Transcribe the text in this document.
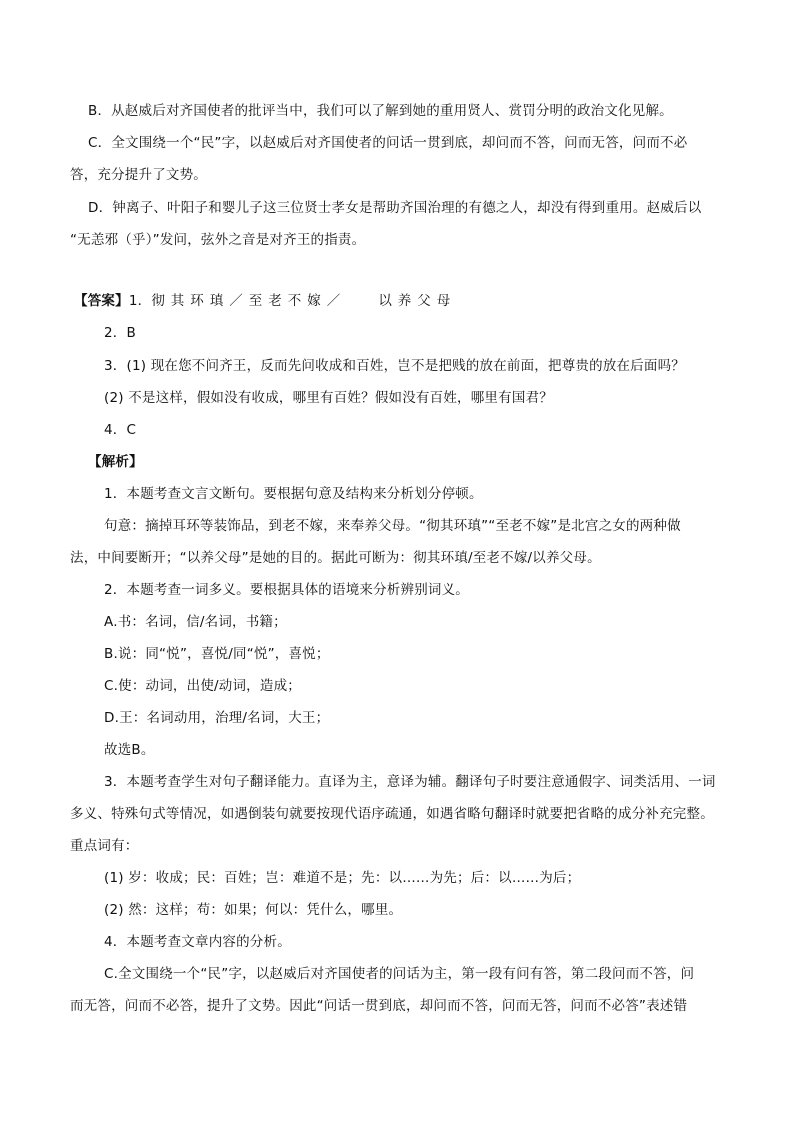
B．从赵威后对齐国使者的批评当中，我们可以了解到她的重用贤人、赏罚分明的政治文化见解。
C．全文围绕一个“民”字，以赵威后对齐国使者的问话一贯到底，却问而不答，问而无答，问而不必
答，充分提升了文势。
D．钟离子、叶阳子和婴儿子这三位贤士孝女是帮助齐国治理的有德之人，却没有得到重用。赵威后以
“无恙邪（乎）”发问，弦外之音是对齐王的指责。
【答案】1．彻其环瑱／至老不嫁／ 以养父母
2．B
3．(1) 现在您不问齐王，反而先问收成和百姓，岂不是把贱的放在前面，把尊贵的放在后面吗？
(2) 不是这样，假如没有收成，哪里有百姓？假如没有百姓，哪里有国君？
4．C
【解析】
1．本题考查文言文断句。要根据句意及结构来分析划分停顿。
句意：摘掉耳环等装饰品，到老不嫁，来奉养父母。“彻其环瑱”“至老不嫁”是北宫之女的两种做
法，中间要断开；“以养父母”是她的目的。据此可断为：彻其环瑱/至老不嫁/以养父母。
2．本题考查一词多义。要根据具体的语境来分析辨别词义。
A.书：名词，信/名词，书籍；
B.说：同“悦”，喜悦/同“悦”，喜悦；
C.使：动词，出使/动词，造成；
D.王：名词动用，治理/名词，大王；
故选B。
3．本题考查学生对句子翻译能力。直译为主，意译为辅。翻译句子时要注意通假字、词类活用、一词
多义、特殊句式等情况，如遇倒装句就要按现代语序疏通，如遇省略句翻译时就要把省略的成分补充完整。
重点词有：
(1) 岁：收成；民：百姓；岂：难道不是；先：以……为先；后：以……为后；
(2) 然：这样；苟：如果；何以：凭什么，哪里。
4．本题考查文章内容的分析。
C.全文围绕一个“民”字，以赵威后对齐国使者的问话为主，第一段有问有答，第二段问而不答，问
而无答，问而不必答，提升了文势。因此“问话一贯到底，却问而不答，问而无答，问而不必答”表述错
